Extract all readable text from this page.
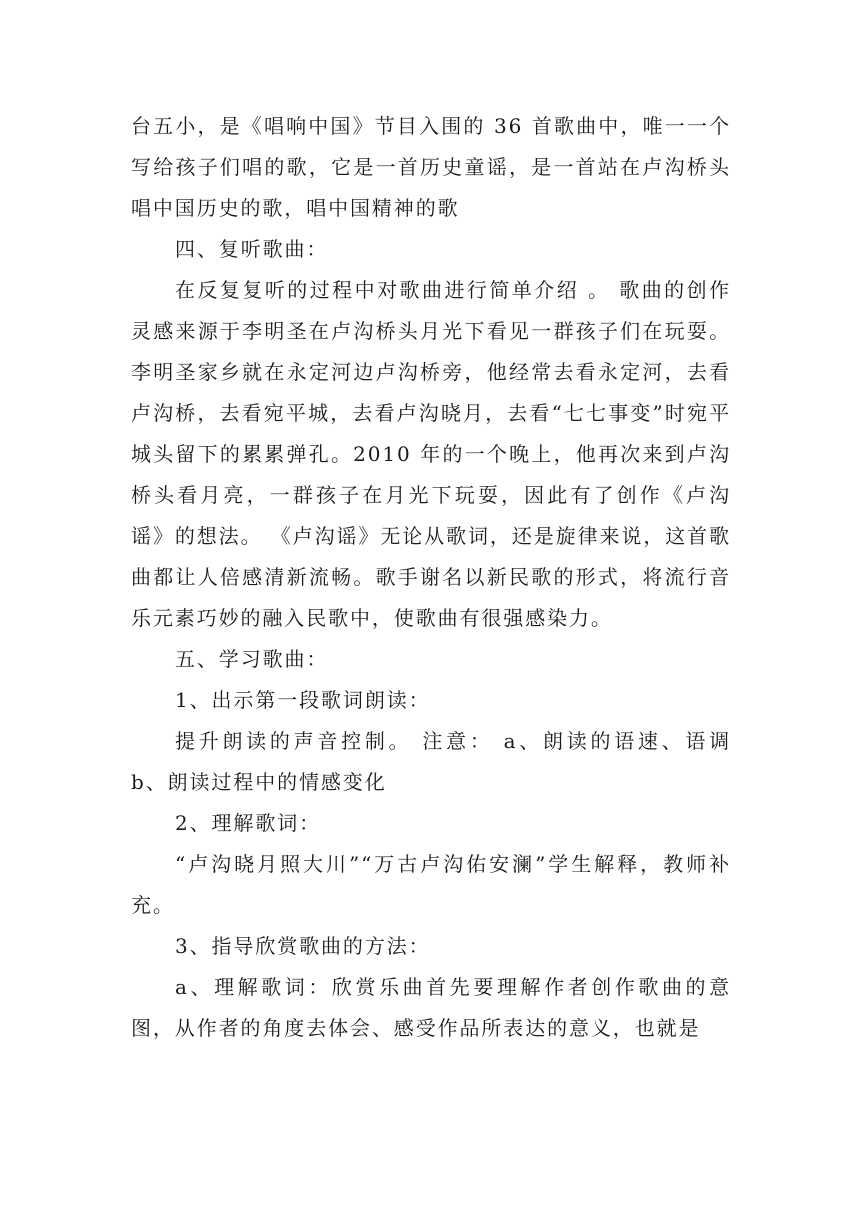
台五小，是《唱响中国》节目入围的 36 首歌曲中，唯一一个写给孩子们唱的歌，它是一首历史童谣，是一首站在卢沟桥头唱中国历史的歌，唱中国精神的歌

四、复听歌曲：

在反复复听的过程中对歌曲进行简单介绍 。 歌曲的创作灵感来源于李明圣在卢沟桥头月光下看见一群孩子们在玩耍。李明圣家乡就在永定河边卢沟桥旁，他经常去看永定河，去看卢沟桥，去看宛平城，去看卢沟晓月，去看“七七事变”时宛平城头留下的累累弹孔。2010 年的一个晚上，他再次来到卢沟桥头看月亮，一群孩子在月光下玩耍，因此有了创作《卢沟谣》的想法。 《卢沟谣》无论从歌词，还是旋律来说，这首歌曲都让人倍感清新流畅。歌手谢名以新民歌的形式，将流行音乐元素巧妙的融入民歌中，使歌曲有很强感染力。

五、学习歌曲：

1、出示第一段歌词朗读：

提升朗读的声音控制。 注意： a、朗读的语速、语调 b、朗读过程中的情感变化

2、理解歌词：

“卢沟晓月照大川”“万古卢沟佑安澜”学生解释，教师补充。

3、指导欣赏歌曲的方法：

a、理解歌词：欣赏乐曲首先要理解作者创作歌曲的意图，从作者的角度去体会、感受作品所表达的意义，也就是
